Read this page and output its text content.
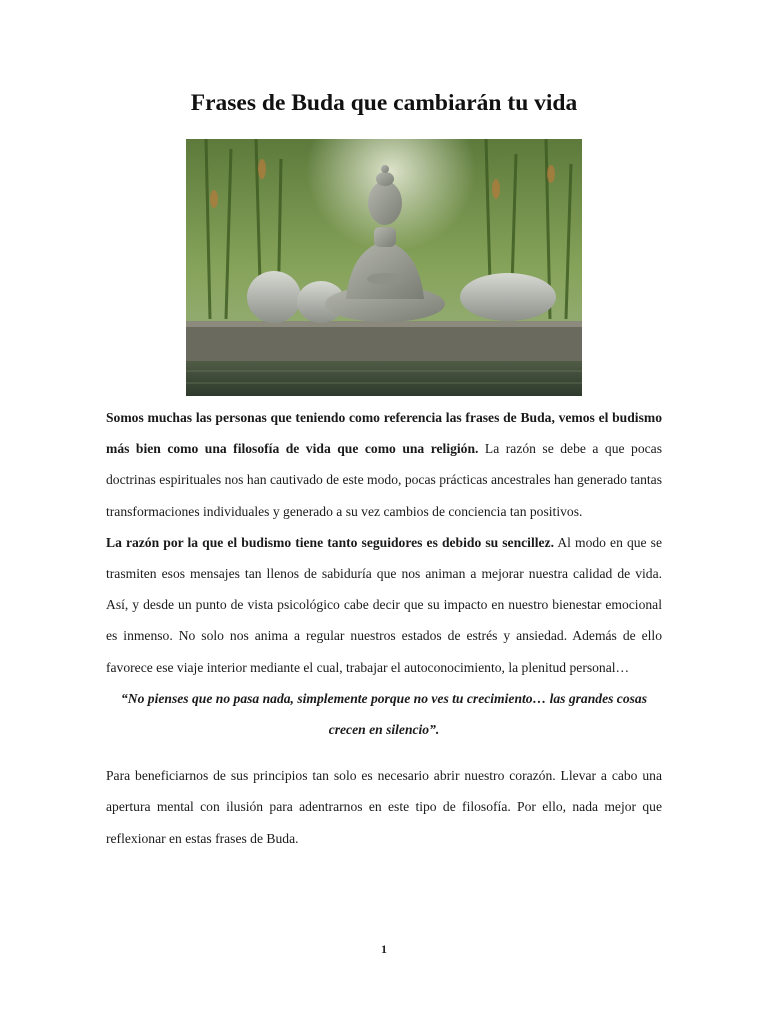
Frases de Buda que cambiarán tu vida

Somos muchas las personas que teniendo como referencia las frases de Buda, vemos el budismo más bien como una filosofía de vida que como una religión. La razón se debe a que pocas doctrinas espirituales nos han cautivado de este modo, pocas prácticas ancestrales han generado tantas transformaciones individuales y generado a su vez cambios de conciencia tan positivos.

La razón por la que el budismo tiene tanto seguidores es debido su sencillez. Al modo en que se trasmiten esos mensajes tan llenos de sabiduría que nos animan a mejorar nuestra calidad de vida. Así, y desde un punto de vista psicológico cabe decir que su impacto en nuestro bienestar emocional es inmenso. No solo nos anima a regular nuestros estados de estrés y ansiedad. Además de ello favorece ese viaje interior mediante el cual, trabajar el autoconocimiento, la plenitud personal…

“No pienses que no pasa nada, simplemente porque no ves tu crecimiento… las grandes cosas crecen en silencio”.

Para beneficiarnos de sus principios tan solo es necesario abrir nuestro corazón. Llevar a cabo una apertura mental con ilusión para adentrarnos en este tipo de filosofía. Por ello, nada mejor que reflexionar en estas frases de Buda.

1
